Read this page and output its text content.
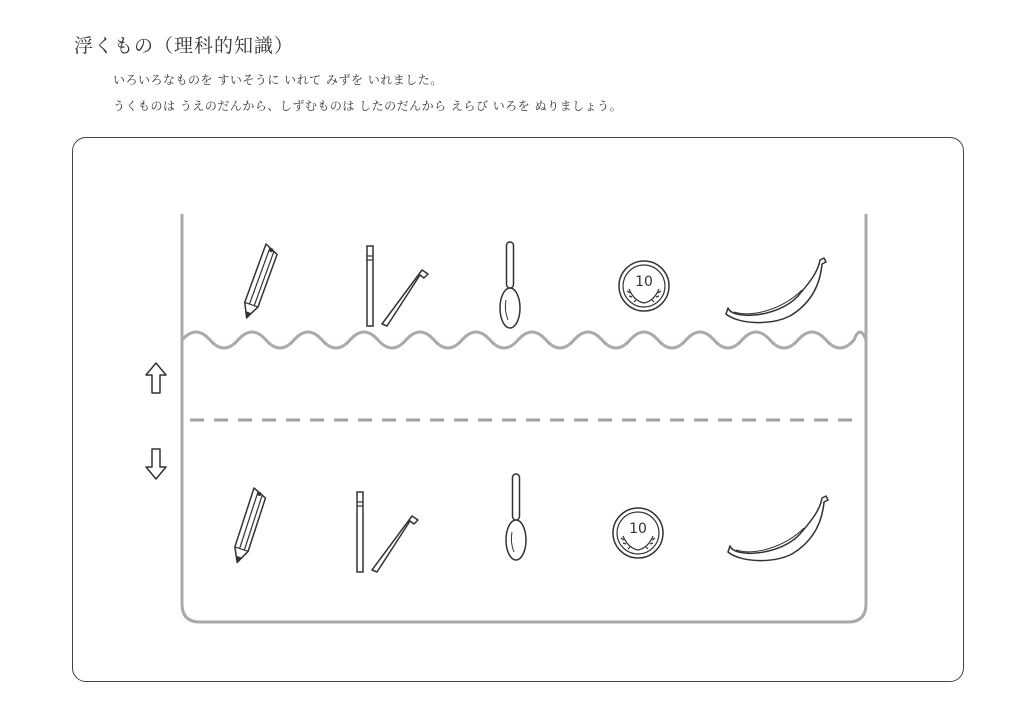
浮くもの（理科的知識）
いろいろなものを すいそうに いれて みずを いれました。
うくものは うえのだんから、しずむものは したのだんから えらび いろを ぬりましょう。
10
10
